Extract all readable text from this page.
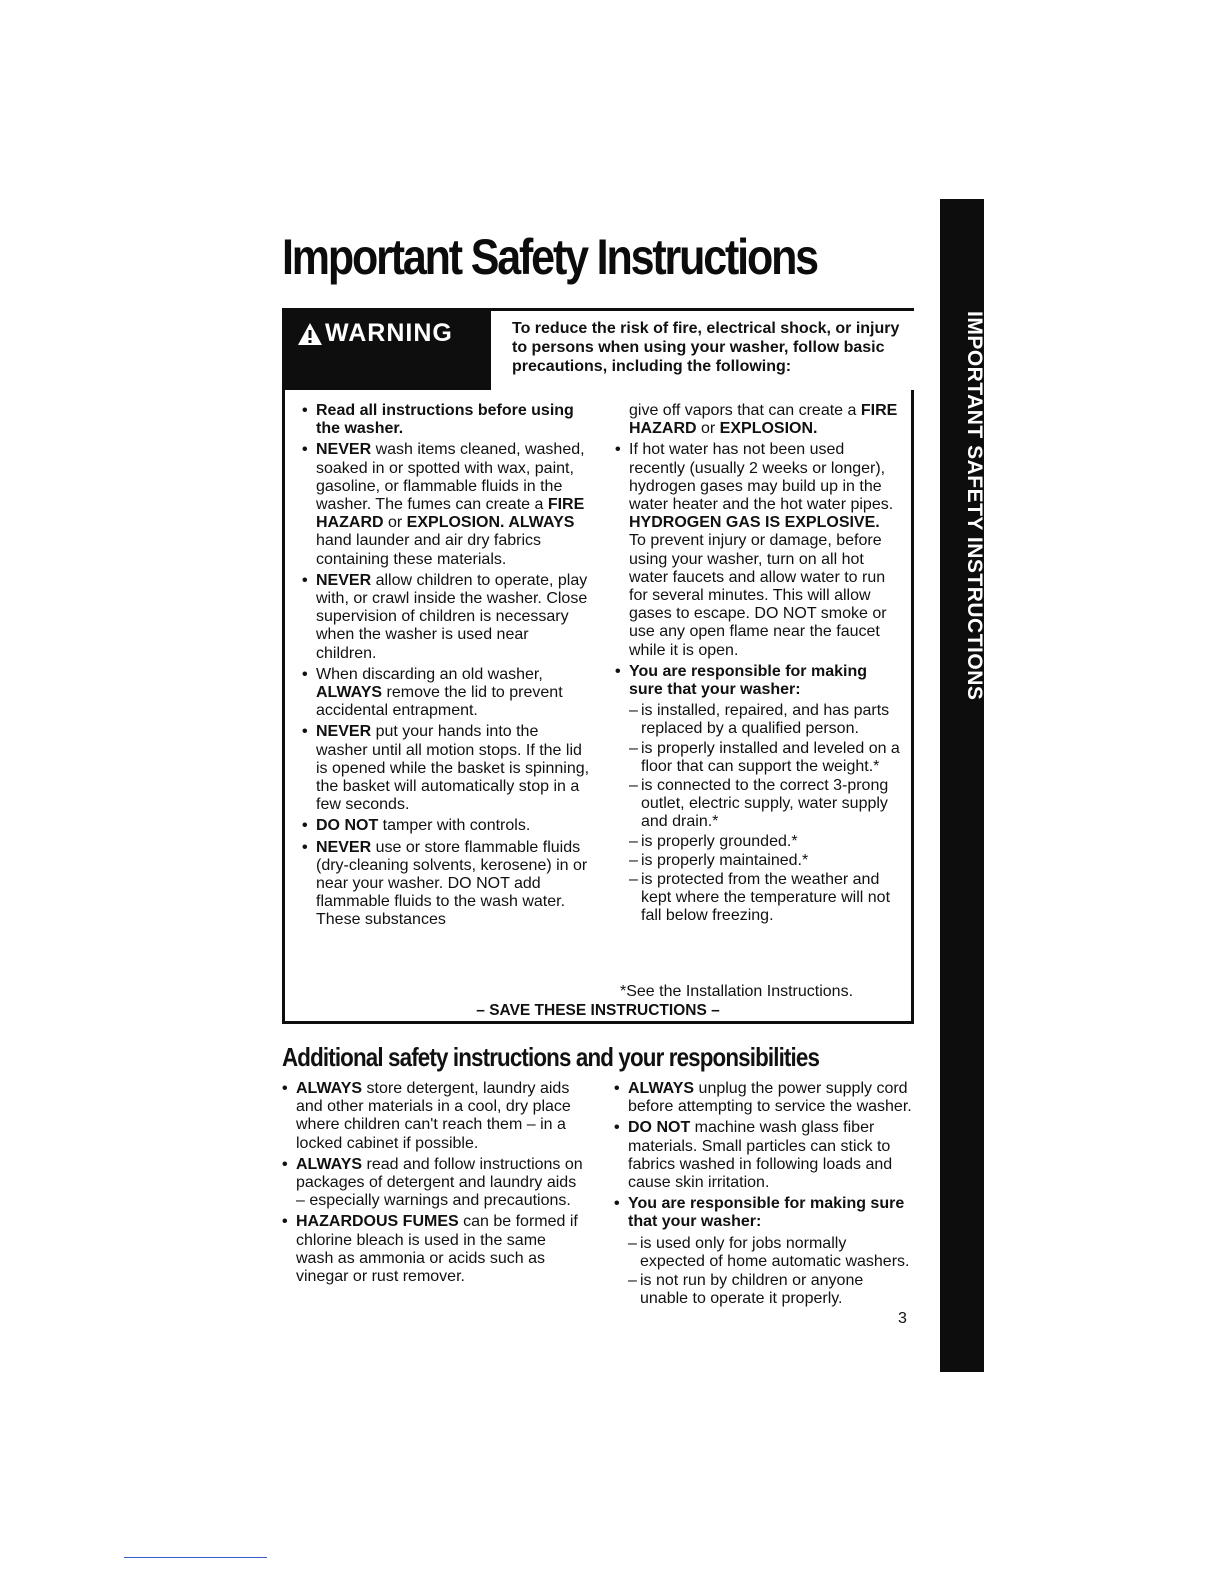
Important Safety Instructions
IMPORTANT SAFETY INSTRUCTIONS
WARNING	To reduce the risk of fire, electrical shock, or injury to persons when using your washer, follow basic precautions, including the following:

• Read all instructions before using the washer.

• NEVER wash items cleaned, washed, soaked in or spotted with wax, paint, gasoline, or flammable fluids in the washer. The fumes can create a FIRE HAZARD or EXPLOSION. ALWAYS hand launder and air dry fabrics containing these materials.

• NEVER allow children to operate, play with, or crawl inside the washer. Close supervision of children is necessary when the washer is used near children.

• When discarding an old washer, ALWAYS remove the lid to prevent accidental entrapment.

• NEVER put your hands into the washer until all motion stops. If the lid is opened while the basket is spinning, the basket will automatically stop in a few seconds.

• DO NOT tamper with controls.

• NEVER use or store flammable fluids (dry-cleaning solvents, kerosene) in or near your washer. DO NOT add flammable fluids to the wash water. These substances

give off vapors that can create a FIRE HAZARD or EXPLOSION.

• If hot water has not been used recently (usually 2 weeks or longer), hydrogen gases may build up in the water heater and the hot water pipes. HYDROGEN GAS IS EXPLOSIVE. To prevent injury or damage, before using your washer, turn on all hot water faucets and allow water to run for several minutes. This will allow gases to escape. DO NOT smoke or use any open flame near the faucet while it is open.

• You are responsible for making sure that your washer:

– is installed, repaired, and has parts replaced by a qualified person.

– is properly installed and leveled on a floor that can support the weight.*

– is connected to the correct 3-prong outlet, electric supply, water supply and drain.*

– is properly grounded.*

– is properly maintained.*

– is protected from the weather and kept where the temperature will not fall below freezing.

*See the Installation Instructions.
– SAVE THESE INSTRUCTIONS –
Additional safety instructions and your responsibilities

• ALWAYS store detergent, laundry aids and other materials in a cool, dry place where children can't reach them – in a locked cabinet if possible.

• ALWAYS read and follow instructions on packages of detergent and laundry aids – especially warnings and precautions.

• HAZARDOUS FUMES can be formed if chlorine bleach is used in the same wash as ammonia or acids such as vinegar or rust remover.

• ALWAYS unplug the power supply cord before attempting to service the washer.

• DO NOT machine wash glass fiber materials. Small particles can stick to fabrics washed in following loads and cause skin irritation.

• You are responsible for making sure that your washer:

– is used only for jobs normally expected of home automatic washers.

– is not run by children or anyone unable to operate it properly.

3
